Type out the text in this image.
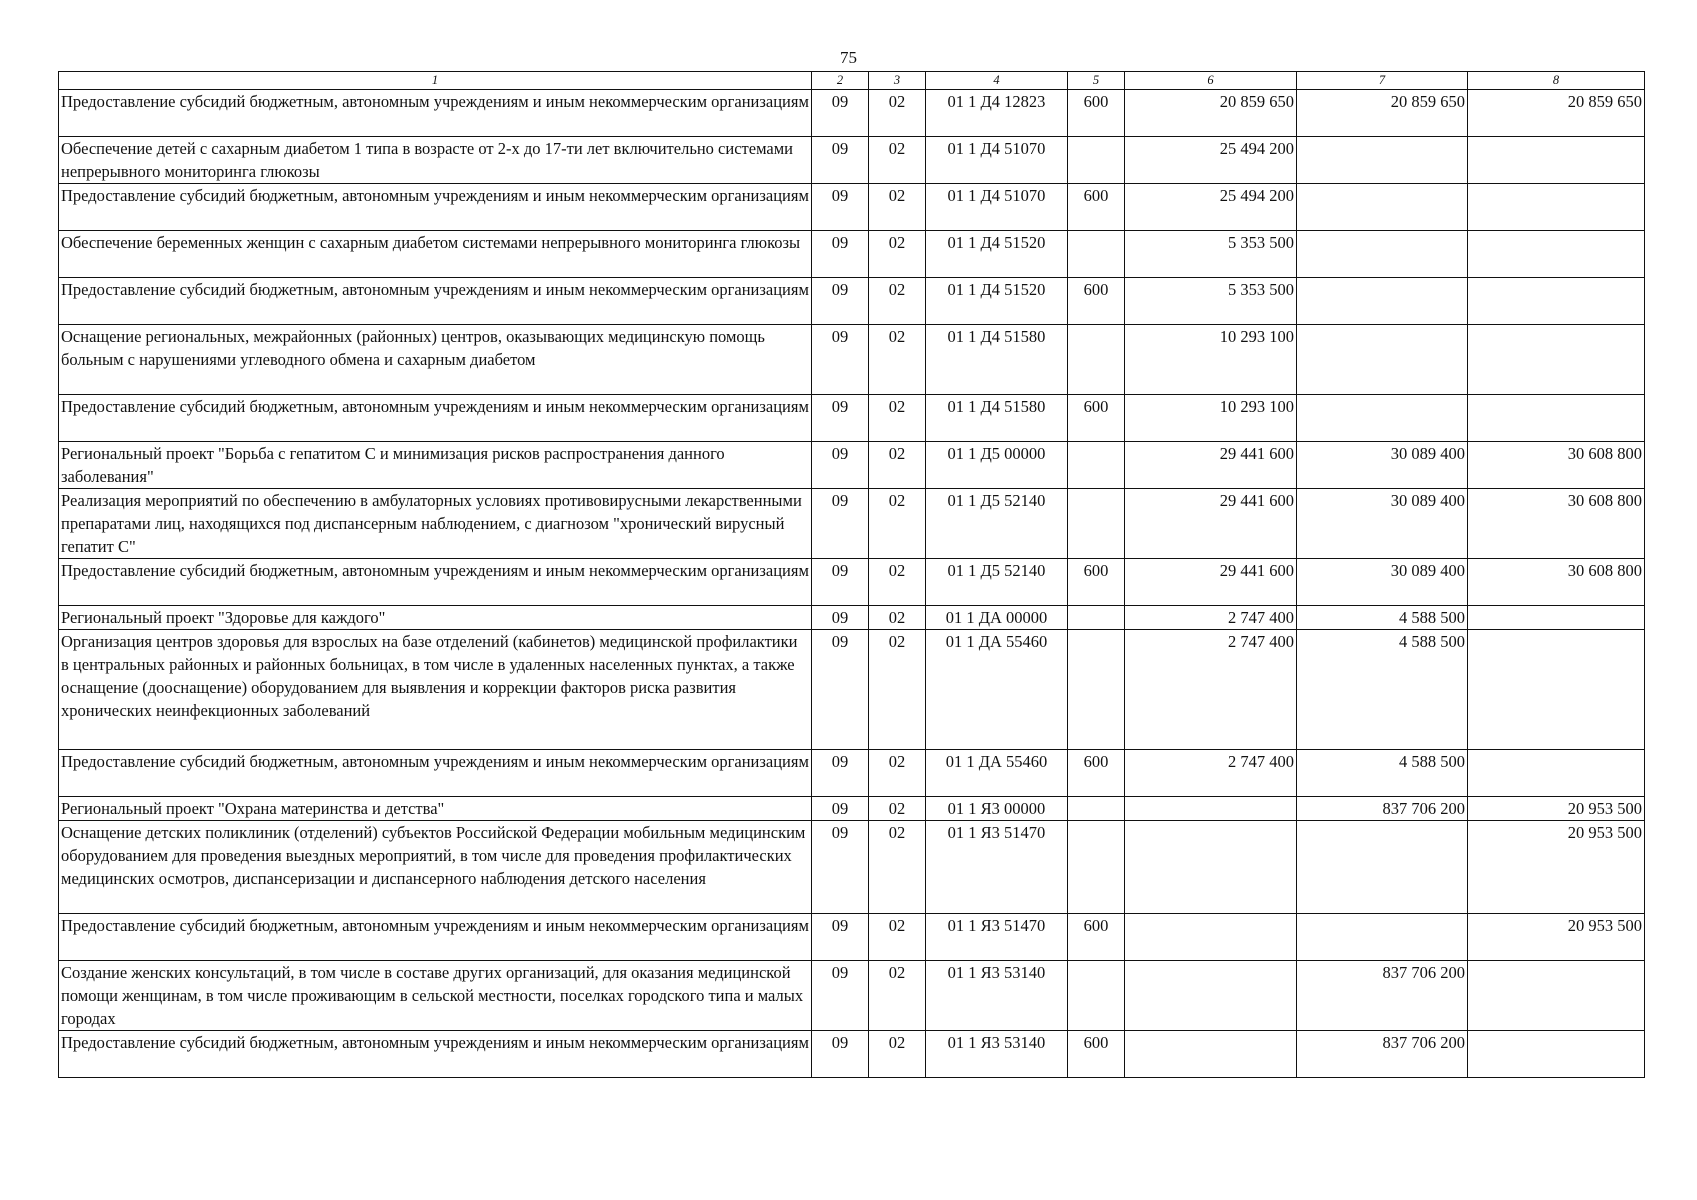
75
1	2	3	4	5	6	7	8
Предоставление субсидий бюджетным, автономным учреждениям и иным некоммерческим организациям	09	02	01 1 Д4 12823	600	20 859 650	20 859 650	20 859 650
Обеспечение детей с сахарным диабетом 1 типа в возрасте от 2-х до 17-ти лет включительно системами непрерывного мониторинга глюкозы	09	02	01 1 Д4 51070		25 494 200		
Предоставление субсидий бюджетным, автономным учреждениям и иным некоммерческим организациям	09	02	01 1 Д4 51070	600	25 494 200		
Обеспечение беременных женщин с сахарным диабетом системами непрерывного мониторинга глюкозы	09	02	01 1 Д4 51520		5 353 500		
Предоставление субсидий бюджетным, автономным учреждениям и иным некоммерческим организациям	09	02	01 1 Д4 51520	600	5 353 500		
Оснащение региональных, межрайонных (районных) центров, оказывающих медицинскую помощь больным с нарушениями углеводного обмена и сахарным диабетом	09	02	01 1 Д4 51580		10 293 100		
Предоставление субсидий бюджетным, автономным учреждениям и иным некоммерческим организациям	09	02	01 1 Д4 51580	600	10 293 100		
Региональный проект "Борьба с гепатитом С и минимизация рисков распространения данного заболевания"	09	02	01 1 Д5 00000		29 441 600	30 089 400	30 608 800
Реализация мероприятий по обеспечению в амбулаторных условиях противовирусными лекарственными препаратами лиц, находящихся под диспансерным наблюдением, с диагнозом "хронический вирусный гепатит С"	09	02	01 1 Д5 52140		29 441 600	30 089 400	30 608 800
Предоставление субсидий бюджетным, автономным учреждениям и иным некоммерческим организациям	09	02	01 1 Д5 52140	600	29 441 600	30 089 400	30 608 800
Региональный проект "Здоровье для каждого"	09	02	01 1 ДА 00000		2 747 400	4 588 500	
Организация центров здоровья для взрослых на базе отделений (кабинетов) медицинской профилактики в центральных районных и районных больницах, в том числе в удаленных населенных пунктах, а также оснащение (дооснащение) оборудованием для выявления и коррекции факторов риска развития хронических неинфекционных заболеваний	09	02	01 1 ДА 55460		2 747 400	4 588 500	
Предоставление субсидий бюджетным, автономным учреждениям и иным некоммерческим организациям	09	02	01 1 ДА 55460	600	2 747 400	4 588 500	
Региональный проект "Охрана материнства и детства"	09	02	01 1 Я3 00000			837 706 200	20 953 500
Оснащение детских поликлиник (отделений) субъектов Российской Федерации мобильным медицинским оборудованием для проведения выездных мероприятий, в том числе для проведения профилактических медицинских осмотров, диспансеризации и диспансерного наблюдения детского населения	09	02	01 1 Я3 51470				20 953 500
Предоставление субсидий бюджетным, автономным учреждениям и иным некоммерческим организациям	09	02	01 1 Я3 51470	600			20 953 500
Создание женских консультаций, в том числе в составе других организаций, для оказания медицинской помощи женщинам, в том числе проживающим в сельской местности, поселках городского типа и малых городах	09	02	01 1 Я3 53140			837 706 200	
Предоставление субсидий бюджетным, автономным учреждениям и иным некоммерческим организациям	09	02	01 1 Я3 53140	600		837 706 200	
